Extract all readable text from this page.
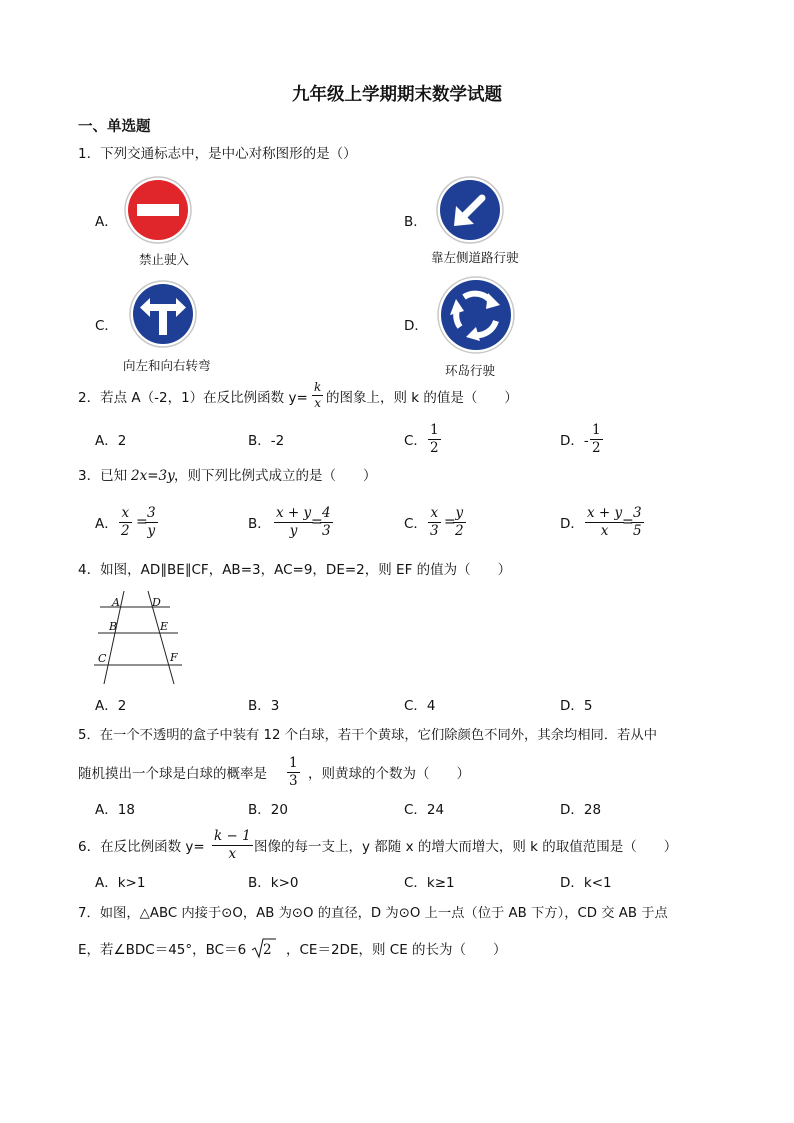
九年级上学期期末数学试题
一、单选题
1．下列交通标志中，是中心对称图形的是（）
A．
禁止驶入
B．
靠左侧道路行驶
C．
向左和向右转弯
D．
环岛行驶
2．若点 A（-2，1）在反比例函数 $y= \frac{k}{x}$ 的图象上，则 k 的值是（　　）
A．2	B．-2	C． $\frac{1}{2}$	D．- $\frac{1}{2}$
3．已知 2x=3y ，则下列比例式成立的是（　　）
A． $\frac{x}{2}$ =
$\frac{3}{y}$	B． $\frac{x + y}{y}$
=
$\frac{4}{3}$	C． $\frac{x}{3}$ =
$\frac{y}{2}$	D． $\frac{x + y}{x}$
=
$\frac{3}{5}$
4．如图，AD∥BE∥CF，AB=3，AC=9，DE=2，则 EF 的值为（　　）
A	D
B	E
C	F
A．2	B．3	C．4	D．5
5．在一个不透明的盒子中装有 12 个白球，若干个黄球，它们除颜色不同外，其余均相同．若从中
随机摸出一个球是白球的概率是 $\frac{1}{3}$ ，则黄球的个数为（　　）
A．18	B．20	C．24	D．28
6．在反比例函数 $y= \frac{k - 1}{x}$ 图像的每一支上，y 都随 x 的增大而增大，则 k 的取值范围是（　　）
A．k>1	B．k>0	C．k≥1	D．k<1
7．如图，△ABC 内接于⊙O，AB 为⊙O 的直径，D 为⊙O 上一点（位于 AB 下方），CD 交 AB 于点
E，若∠BDC＝45°，BC＝6 2 ，CE＝2DE，则 CE 的长为（　　）
